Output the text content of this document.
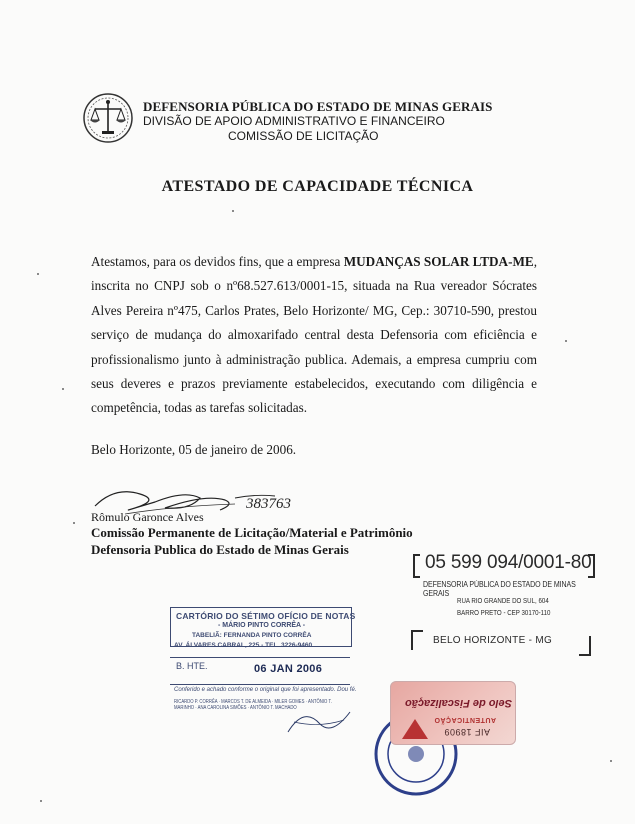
DEFENSORIA PÚBLICA DO ESTADO DE MINAS GERAIS
DIVISÃO DE APOIO ADMINISTRATIVO E FINANCEIRO
COMISSÃO DE LICITAÇÃO
ATESTADO DE CAPACIDADE TÉCNICA
Atestamos, para os devidos fins, que a empresa MUDANÇAS SOLAR LTDA-ME, inscrita no CNPJ sob o nº68.527.613/0001-15, situada na Rua vereador Sócrates Alves Pereira nº475, Carlos Prates, Belo Horizonte/ MG, Cep.: 30710-590, prestou serviço de mudança do almoxarifado central desta Defensoria com eficiência e profissionalismo junto à administração publica. Ademais, a empresa cumpriu com seus deveres e prazos previamente estabelecidos, executando com diligência e competência, todas as tarefas solicitadas.
Belo Horizonte, 05 de janeiro de 2006.
383763
Rômulo Garonce Alves
Comissão Permanente de Licitação/Material e Patrimônio
Defensoria Publica do Estado de Minas Gerais
05 599 094/0001-80
DEFENSORIA PÚBLICA DO ESTADO DE MINAS GERAIS
RUA RIO GRANDE DO SUL, 604
BARRO PRETO - CEP 30170-110
BELO HORIZONTE - MG
CARTÓRIO DO SÉTIMO OFÍCIO DE NOTAS
- MÁRIO PINTO CORRÊA -
TABELIÃ: FERNANDA PINTO CORRÊA
AV. ÁLVARES CABRAL, 225 - TEL. 3226-9460
B. HTE.	06 JAN 2006
Conferido e achado conforme o original que foi apresentado. Dou fé.
RICARDO P. CORRÊA · MARCOS T. DE ALMEIDA · MILER GOMES · ANTÔNIO T. MARINHO · ANA CAROLINA SIMÕES · ANTÔNIO T. MACHADO
AIF 18909
AUTENTICAÇÃO
Selo de Fiscalização
